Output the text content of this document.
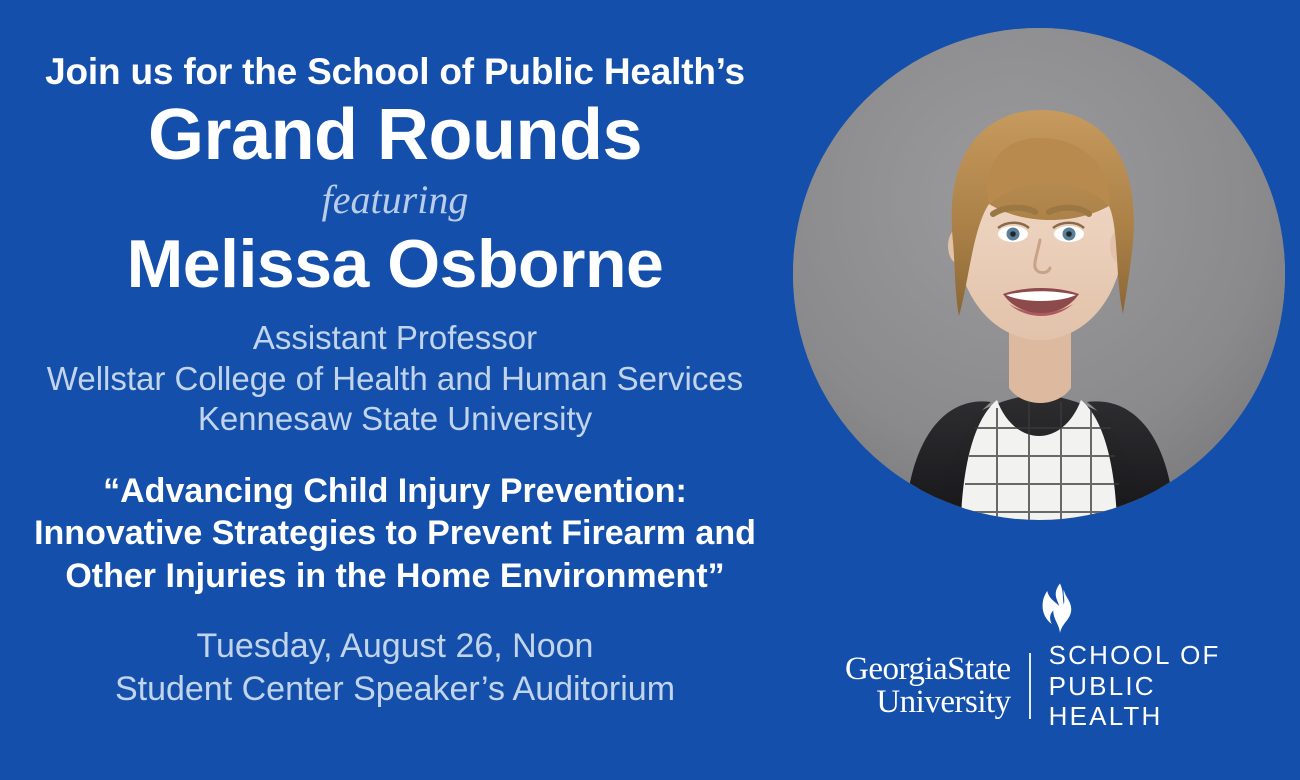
Join us for the School of Public Health’s
Grand Rounds
featuring
Melissa Osborne
Assistant Professor
Wellstar College of Health and Human Services
Kennesaw State University
“Advancing Child Injury Prevention:
Innovative Strategies to Prevent Firearm and
Other Injuries in the Home Environment”
Tuesday, August 26, Noon
Student Center Speaker’s Auditorium
GeorgiaState
University
SCHOOL OF
PUBLIC HEALTH
